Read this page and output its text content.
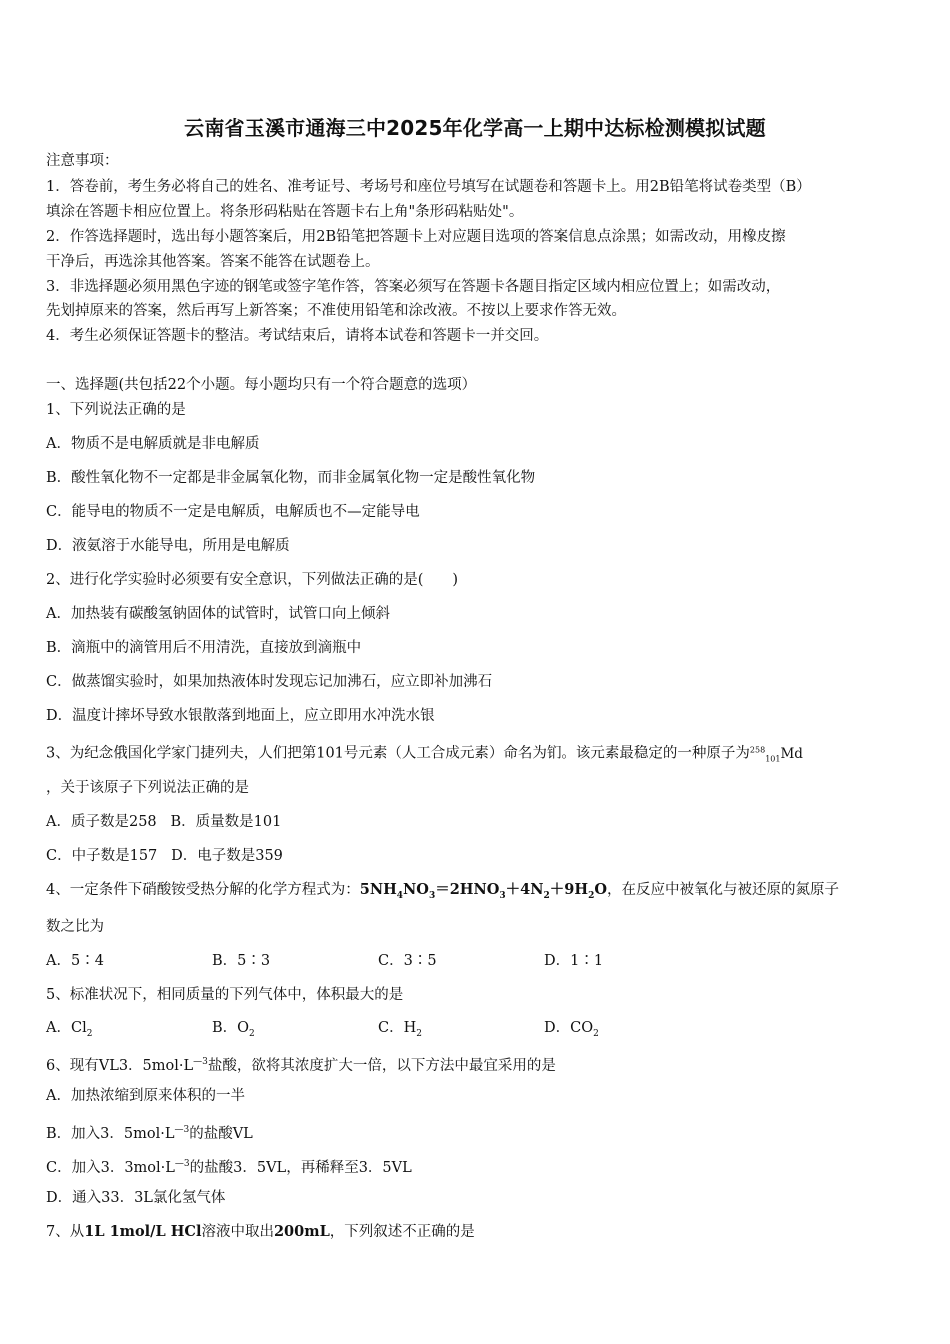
云南省玉溪市通海三中2025年化学高一上期中达标检测模拟试题
注意事项：
1．答卷前，考生务必将自己的姓名、准考证号、考场号和座位号填写在试题卷和答题卡上。用2B铅笔将试卷类型（B）
填涂在答题卡相应位置上。将条形码粘贴在答题卡右上角"条形码粘贴处"。
2．作答选择题时，选出每小题答案后，用2B铅笔把答题卡上对应题目选项的答案信息点涂黑；如需改动，用橡皮擦
干净后，再选涂其他答案。答案不能答在试题卷上。
3．非选择题必须用黑色字迹的钢笔或签字笔作答，答案必须写在答题卡各题目指定区域内相应位置上；如需改动，
先划掉原来的答案，然后再写上新答案；不准使用铅笔和涂改液。不按以上要求作答无效。
4．考生必须保证答题卡的整洁。考试结束后，请将本试卷和答题卡一并交回。
一、选择题(共包括22个小题。每小题均只有一个符合题意的选项）
1、下列说法正确的是
A．物质不是电解质就是非电解质
B．酸性氧化物不一定都是非金属氧化物，而非金属氧化物一定是酸性氧化物
C．能导电的物质不一定是电解质，电解质也不—定能导电
D．液氨溶于水能导电，所用是电解质
2、进行化学实验时必须要有安全意识，下列做法正确的是(　　)
A．加热装有碳酸氢钠固体的试管时，试管口向上倾斜
B．滴瓶中的滴管用后不用清洗，直接放到滴瓶中
C．做蒸馏实验时，如果加热液体时发现忘记加沸石，应立即补加沸石
D．温度计摔坏导致水银散落到地面上，应立即用水冲洗水银
3、为纪念俄国化学家门捷列夫，人们把第101号元素（人工合成元素）命名为钔。该元素最稳定的一种原子为$^{258}_{101}$Md
，关于该原子下列说法正确的是
A．质子数是258 B．质量数是101
C．中子数是157 D．电子数是359
4、一定条件下硝酸铵受热分解的化学方程式为：$5NH_4NO_3=2HNO_3+4N_2+9H_2O$，在反应中被氧化与被还原的氮原子
数之比为
A．5∶4	B．5∶3	C．3∶5	D．1∶1
5、标准状况下，相同质量的下列气体中，体积最大的是
A．$Cl_2$	B．$O_2$	C．$H_2$	D．$CO_2$
6、现有VL3．$5mol\cdot L^{—3}$盐酸，欲将其浓度扩大一倍，以下方法中最宜采用的是
A．加热浓缩到原来体积的一半
B．加入3．$5mol\cdot L^{—3}$的盐酸VL
C．加入3．$3mol\cdot L^{—3}$的盐酸3．5VL，再稀释至3．5VL
D．通入33．3L氯化氢气体
7、从1L 1mol/L HCl溶液中取出200mL，下列叙述不正确的是
